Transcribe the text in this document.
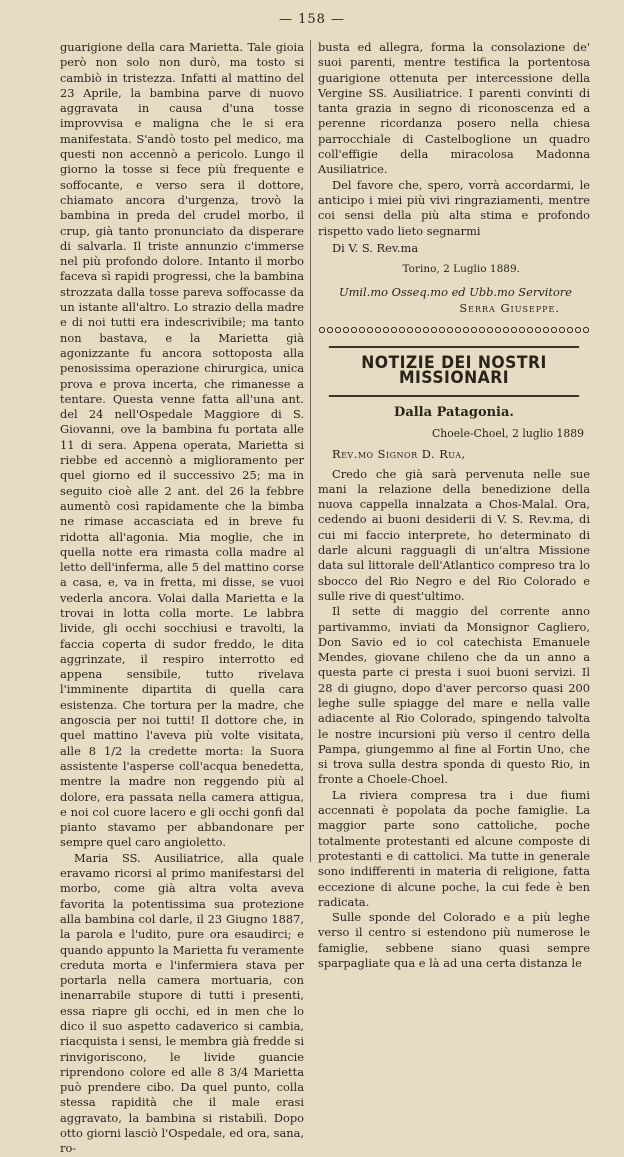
— 158 —

guarigione della cara Marietta. Tale gioia però non solo non durò, ma tosto si cambiò in tristezza. Infatti al mattino del 23 Aprile, la bambina parve di nuovo aggravata in causa d'una tosse improvvisa e maligna che le si era manifestata. S'andò tosto pel medico, ma questi non accennò a pericolo. Lungo il giorno la tosse si fece più frequente e soffocante, e verso sera il dottore, chiamato ancora d'urgenza, trovò la bambina in preda del crudel morbo, il crup, già tanto pronunciato da disperare di salvarla. Il triste annunzio c'immerse nel più profondo dolore. Intanto il morbo faceva sì rapidi progressi, che la bambina strozzata dalla tosse pareva soffocasse da un istante all'altro. Lo strazio della madre e di noi tutti era indescrivibile; ma tanto non bastava, e la Marietta già agonizzante fu ancora sottoposta alla penosissima operazione chirurgica, unica prova e prova incerta, che rimanesse a tentare. Questa venne fatta all'una ant. del 24 nell'Ospedale Maggiore di S. Giovanni, ove la bambina fu portata alle 11 di sera. Appena operata, Marietta si riebbe ed accennò a miglioramento per quel giorno ed il successivo 25; ma in seguito cioè alle 2 ant. del 26 la febbre aumentò così rapidamente che la bimba ne rimase accasciata ed in breve fu ridotta all'agonia. Mia moglie, che in quella notte era rimasta colla madre al letto dell'inferma, alle 5 del mattino corse a casa, e, va in fretta, mi disse, se vuoi vederla ancora. Volai dalla Marietta e la trovai in lotta colla morte. Le labbra livide, gli occhi socchiusi e travolti, la faccia coperta di sudor freddo, le dita aggrinzate, il respiro interrotto ed appena sensibile, tutto rivelava l'imminente dipartita di quella cara esistenza. Che tortura per la madre, che angoscia per noi tutti! Il dottore che, in quel mattino l'aveva più volte visitata, alle 8 1/2 la credette morta: la Suora assistente l'asperse coll'acqua benedetta, mentre la madre non reggendo più al dolore, era passata nella camera attigua, e noi col cuore lacero e gli occhi gonfi dal pianto stavamo per abbandonare per sempre quel caro angioletto.

Maria SS. Ausiliatrice, alla quale eravamo ricorsi al primo manifestarsi del morbo, come già altra volta aveva favorita la potentissima sua protezione alla bambina col darle, il 23 Giugno 1887, la parola e l'udito, pure ora esaudirci; e quando appunto la Marietta fu veramente creduta morta e l'infermiera stava per portarla nella camera mortuaria, con inenarrabile stupore di tutti i presenti, essa riapre gli occhi, ed in men che lo dico il suo aspetto cadaverico si cambia, riacquista i sensi, le membra già fredde si rinvigoriscono, le livide guancie riprendono colore ed alle 8 3/4 Marietta può prendere cibo. Da quel punto, colla stessa rapidità che il male erasi aggravato, la bambina si ristabilì. Dopo otto giorni lasciò l'Ospedale, ed ora, sana, ro-

busta ed allegra, forma la consolazione de' suoi parenti, mentre testifica la portentosa guarigione ottenuta per intercessione della Vergine SS. Ausiliatrice. I parenti convinti di tanta grazia in segno di riconoscenza ed a perenne ricordanza posero nella chiesa parrocchiale di Castelboglione un quadro coll'effigie della miracolosa Madonna Ausiliatrice.

Del favore che, spero, vorrà accordarmi, le anticipo i miei più vivi ringraziamenti, mentre coi sensi della più alta stima e profondo rispetto vado lieto segnarmi

Di V. S. Rev.ma

Torino, 2 Luglio 1889.
Umil.mo Osseq.mo ed Ubb.mo Servitore
Serra Giuseppe.
NOTIZIE DEI NOSTRI MISSIONARI
Dalla Patagonia.
Choele-Choel, 2 luglio 1889
Rev.mo Signor D. Rua,

Credo che già sarà pervenuta nelle sue mani la relazione della benedizione della nuova cappella innalzata a Chos-Malal. Ora, cedendo ai buoni desiderii di V. S. Rev.ma, di cui mi faccio interprete, ho determinato di darle alcuni ragguagli di un'altra Missione data sul littorale dell'Atlantico compreso tra lo sbocco del Rio Negro e del Rio Colorado e sulle rive di quest'ultimo.

Il sette di maggio del corrente anno partivammo, inviati da Monsignor Cagliero, Don Savio ed io col catechista Emanuele Mendes, giovane chileno che da un anno a questa parte ci presta i suoi buoni servizi. Il 28 di giugno, dopo d'aver percorso quasi 200 leghe sulle spiagge del mare e nella valle adiacente al Rio Colorado, spingendo talvolta le nostre incursioni più verso il centro della Pampa, giungemmo al fine al Fortin Uno, che si trova sulla destra sponda di questo Rio, in fronte a Choele-Choel.

La riviera compresa tra i due fiumi accennati è popolata da poche famiglie. La maggior parte sono cattoliche, poche totalmente protestanti ed alcune composte di protestanti e di cattolici. Ma tutte in generale sono indifferenti in materia di religione, fatta eccezione di alcune poche, la cui fede è ben radicata.

Sulle sponde del Colorado e a più leghe verso il centro si estendono più numerose le famiglie, sebbene siano quasi sempre sparpagliate qua e là ad una certa distanza le
